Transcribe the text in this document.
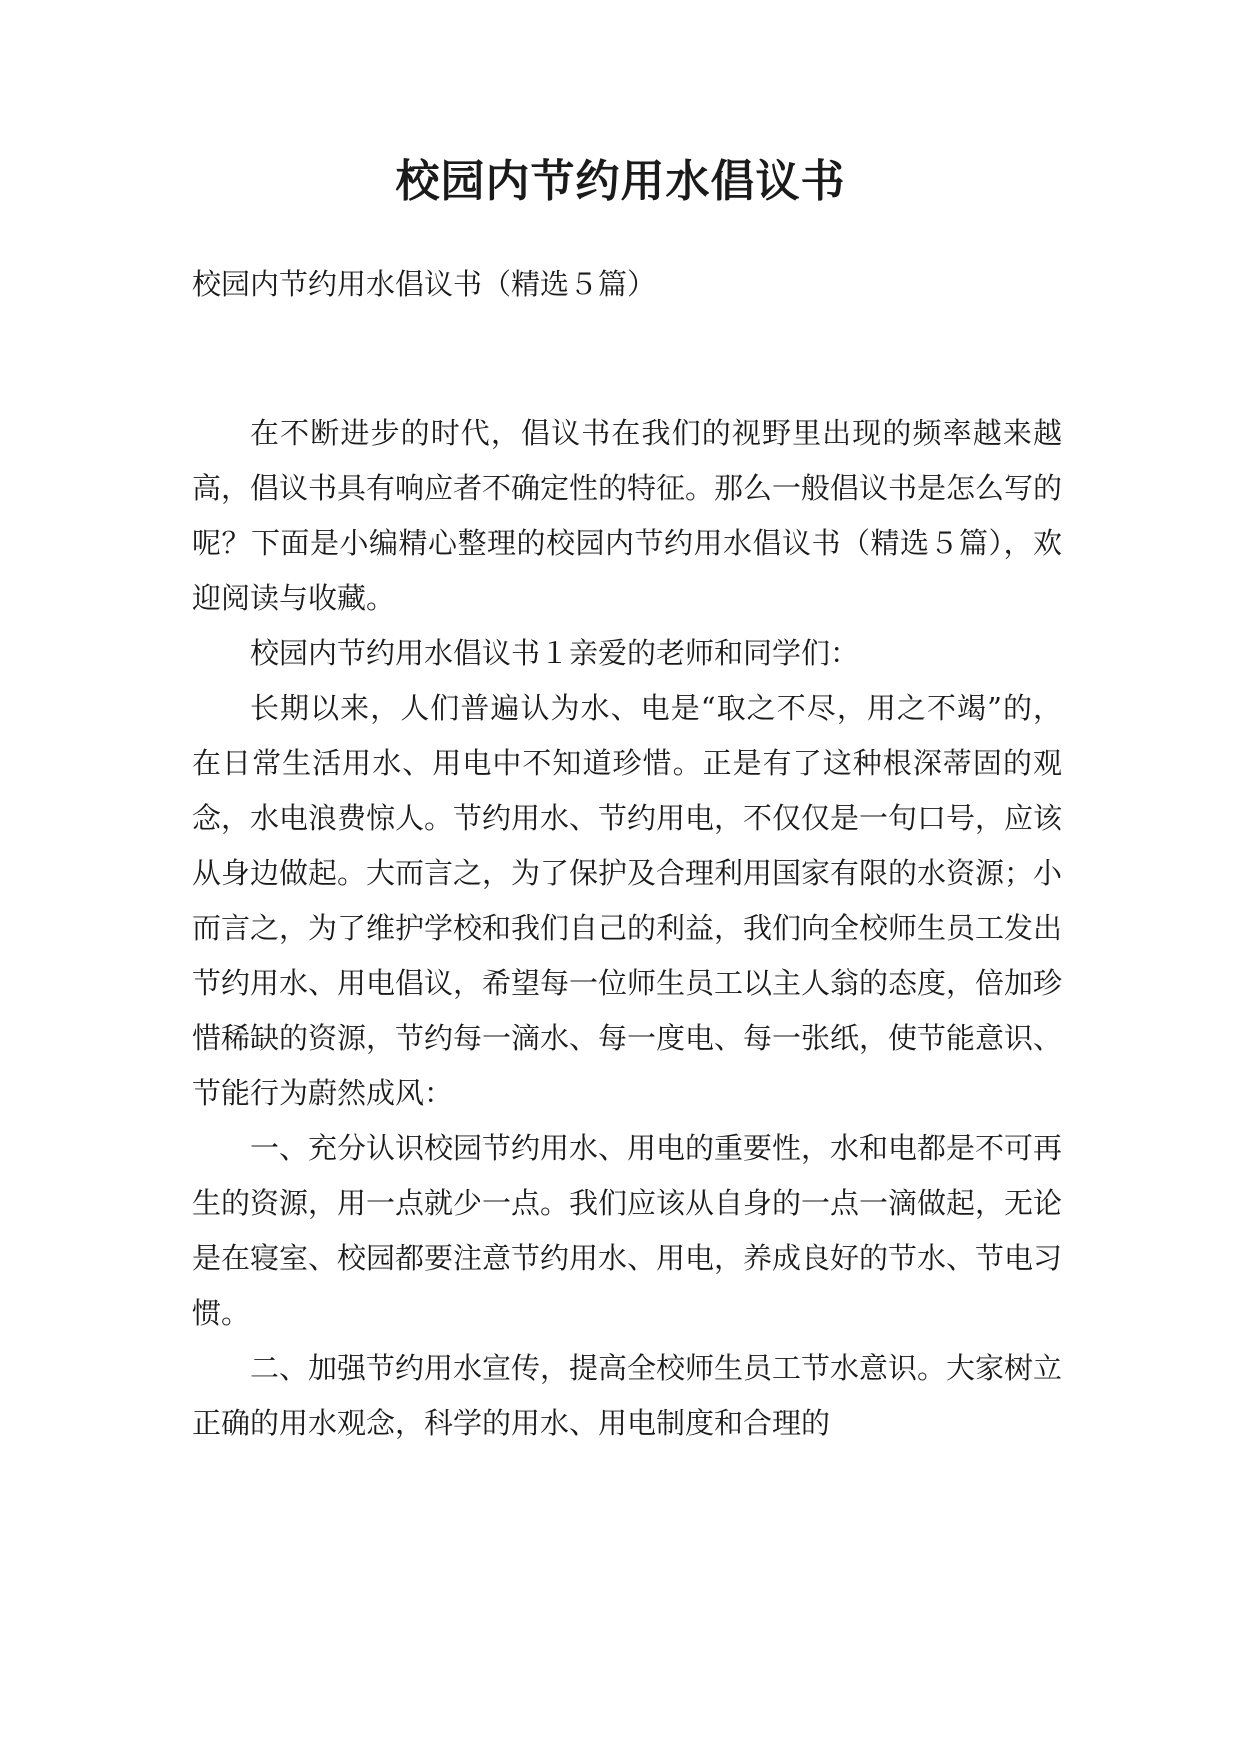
校园内节约用水倡议书

校园内节约用水倡议书（精选５篇）

在不断进步的时代，倡议书在我们的视野里出现的频率越来越高，倡议书具有响应者不确定性的特征。那么一般倡议书是怎么写的呢？下面是小编精心整理的校园内节约用水倡议书（精选５篇），欢迎阅读与收藏。

校园内节约用水倡议书１亲爱的老师和同学们：

长期以来，人们普遍认为水、电是“取之不尽，用之不竭”的，在日常生活用水、用电中不知道珍惜。正是有了这种根深蒂固的观念，水电浪费惊人。节约用水、节约用电，不仅仅是一句口号，应该从身边做起。大而言之，为了保护及合理利用国家有限的水资源；小而言之，为了维护学校和我们自己的利益，我们向全校师生员工发出节约用水、用电倡议，希望每一位师生员工以主人翁的态度，倍加珍惜稀缺的资源，节约每一滴水、每一度电、每一张纸，使节能意识、节能行为蔚然成风：

一、充分认识校园节约用水、用电的重要性，水和电都是不可再生的资源，用一点就少一点。我们应该从自身的一点一滴做起，无论是在寝室、校园都要注意节约用水、用电，养成良好的节水、节电习惯。

二、加强节约用水宣传，提高全校师生员工节水意识。大家树立正确的用水观念，科学的用水、用电制度和合理的
